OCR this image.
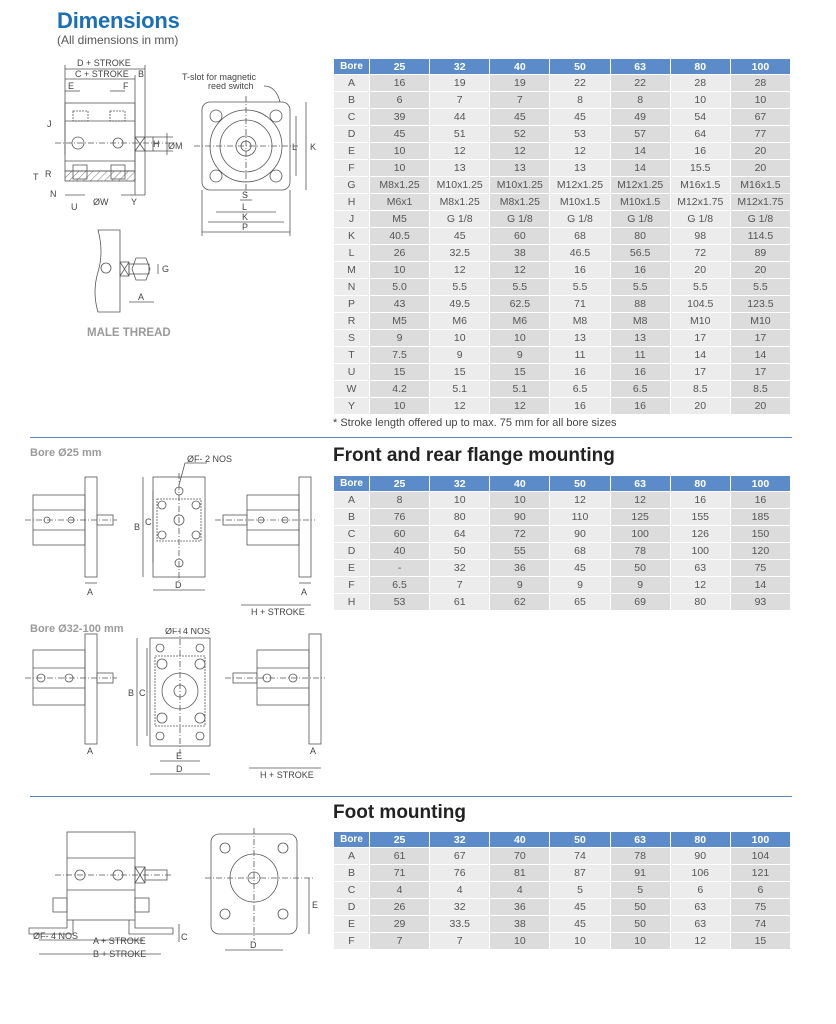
Dimensions
(All dimensions in mm)
D + STROKE
C + STROKE B
E	F
J
H ØM
T R
N
U ØW	Y
T-slot for magnetic
reed switch
L K
S
L
K
P
G
A
MALE THREAD
Bore	25	32	40	50	63	80	100
A	16	19	19	22	22	28	28
B	6	7	7	8	8	10	10
C	39	44	45	45	49	54	67
D	45	51	52	53	57	64	77
E	10	12	12	12	14	16	20
F	10	13	13	13	14	15.5	20
G	M8x1.25	M10x1.25	M10x1.25	M12x1.25	M12x1.25	M16x1.5	M16x1.5
H	M6x1	M8x1.25	M8x1.25	M10x1.5	M10x1.5	M12x1.75	M12x1.75
J	M5	G 1/8	G 1/8	G 1/8	G 1/8	G 1/8	G 1/8
K	40.5	45	60	68	80	98	114.5
L	26	32.5	38	46.5	56.5	72	89
M	10	12	12	16	16	20	20
N	5.0	5.5	5.5	5.5	5.5	5.5	5.5
P	43	49.5	62.5	71	88	104.5	123.5
R	M5	M6	M6	M8	M8	M10	M10
S	9	10	10	13	13	17	17
T	7.5	9	9	11	11	14	14
U	15	15	15	16	16	17	17
W	4.2	5.1	5.1	6.5	6.5	8.5	8.5
Y	10	12	12	16	16	20	20
* Stroke length offered up to max. 75 mm for all bore sizes
Bore Ø25 mm
A
B C
D
ØF- 2 NOS
A
H + STROKE
Front and rear flange mounting
Bore	25	32	40	50	63	80	100
A	8	10	10	12	12	16	16
B	76	80	90	110	125	155	185
C	60	64	72	90	100	126	150
D	40	50	55	68	78	100	120
E	-	32	36	45	50	63	75
F	6.5	7	9	9	9	12	14
H	53	61	62	65	69	80	93
Bore Ø32-100 mm
A
B C
E
D
ØF- 4 NOS
A
H + STROKE
ØF- 4 NOS A + STROKE
B + STROKE
C
D
E
Foot mounting
Bore	25	32	40	50	63	80	100
A	61	67	70	74	78	90	104
B	71	76	81	87	91	106	121
C	4	4	4	5	5	6	6
D	26	32	36	45	50	63	75
E	29	33.5	38	45	50	63	74
F	7	7	10	10	10	12	15
